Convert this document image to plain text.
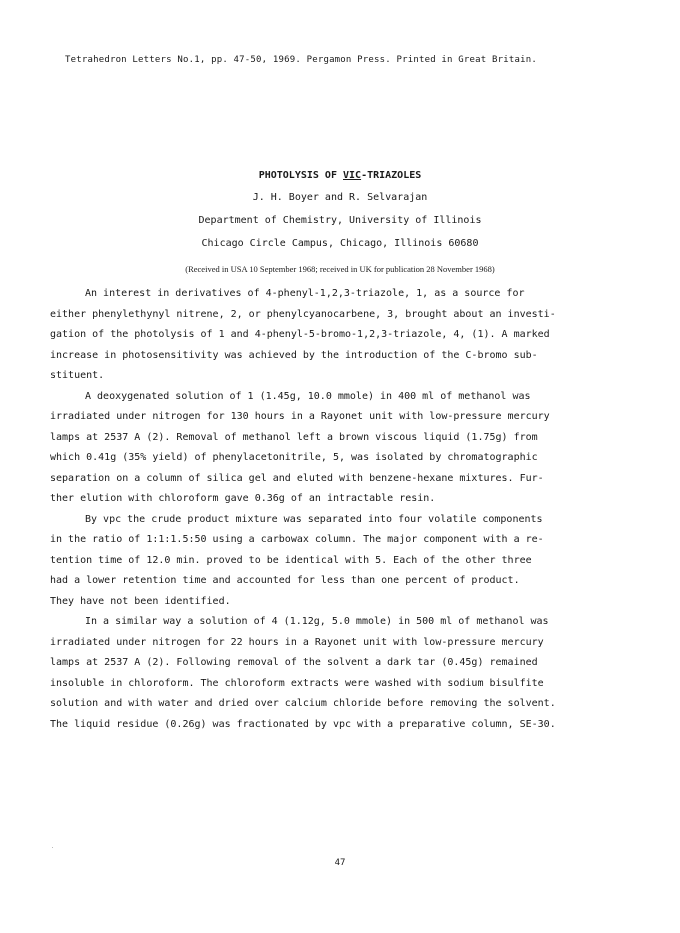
Tetrahedron Letters No.1, pp. 47-50, 1969. Pergamon Press. Printed in Great Britain.
PHOTOLYSIS OF VIC-TRIAZOLES
J. H. Boyer and R. Selvarajan
Department of Chemistry, University of Illinois
Chicago Circle Campus, Chicago, Illinois 60680
(Received in USA 10 September 1968; received in UK for publication 28 November 1968)
An interest in derivatives of 4-phenyl-1,2,3-triazole, 1, as a source for
either phenylethynyl nitrene, 2, or phenylcyanocarbene, 3, brought about an investi-
gation of the photolysis of 1 and 4-phenyl-5-bromo-1,2,3-triazole, 4, (1). A marked
increase in photosensitivity was achieved by the introduction of the C-bromo sub-
stituent.
A deoxygenated solution of 1 (1.45g, 10.0 mmole) in 400 ml of methanol was
irradiated under nitrogen for 130 hours in a Rayonet unit with low-pressure mercury
lamps at 2537 A (2). Removal of methanol left a brown viscous liquid (1.75g) from
which 0.41g (35% yield) of phenylacetonitrile, 5, was isolated by chromatographic
separation on a column of silica gel and eluted with benzene-hexane mixtures. Fur-
ther elution with chloroform gave 0.36g of an intractable resin.
By vpc the crude product mixture was separated into four volatile components
in the ratio of 1:1:1.5:50 using a carbowax column. The major component with a re-
tention time of 12.0 min. proved to be identical with 5. Each of the other three
had a lower retention time and accounted for less than one percent of product.
They have not been identified.
In a similar way a solution of 4 (1.12g, 5.0 mmole) in 500 ml of methanol was
irradiated under nitrogen for 22 hours in a Rayonet unit with low-pressure mercury
lamps at 2537 A (2). Following removal of the solvent a dark tar (0.45g) remained
insoluble in chloroform. The chloroform extracts were washed with sodium bisulfite
solution and with water and dried over calcium chloride before removing the solvent.
The liquid residue (0.26g) was fractionated by vpc with a preparative column, SE-30.
47
